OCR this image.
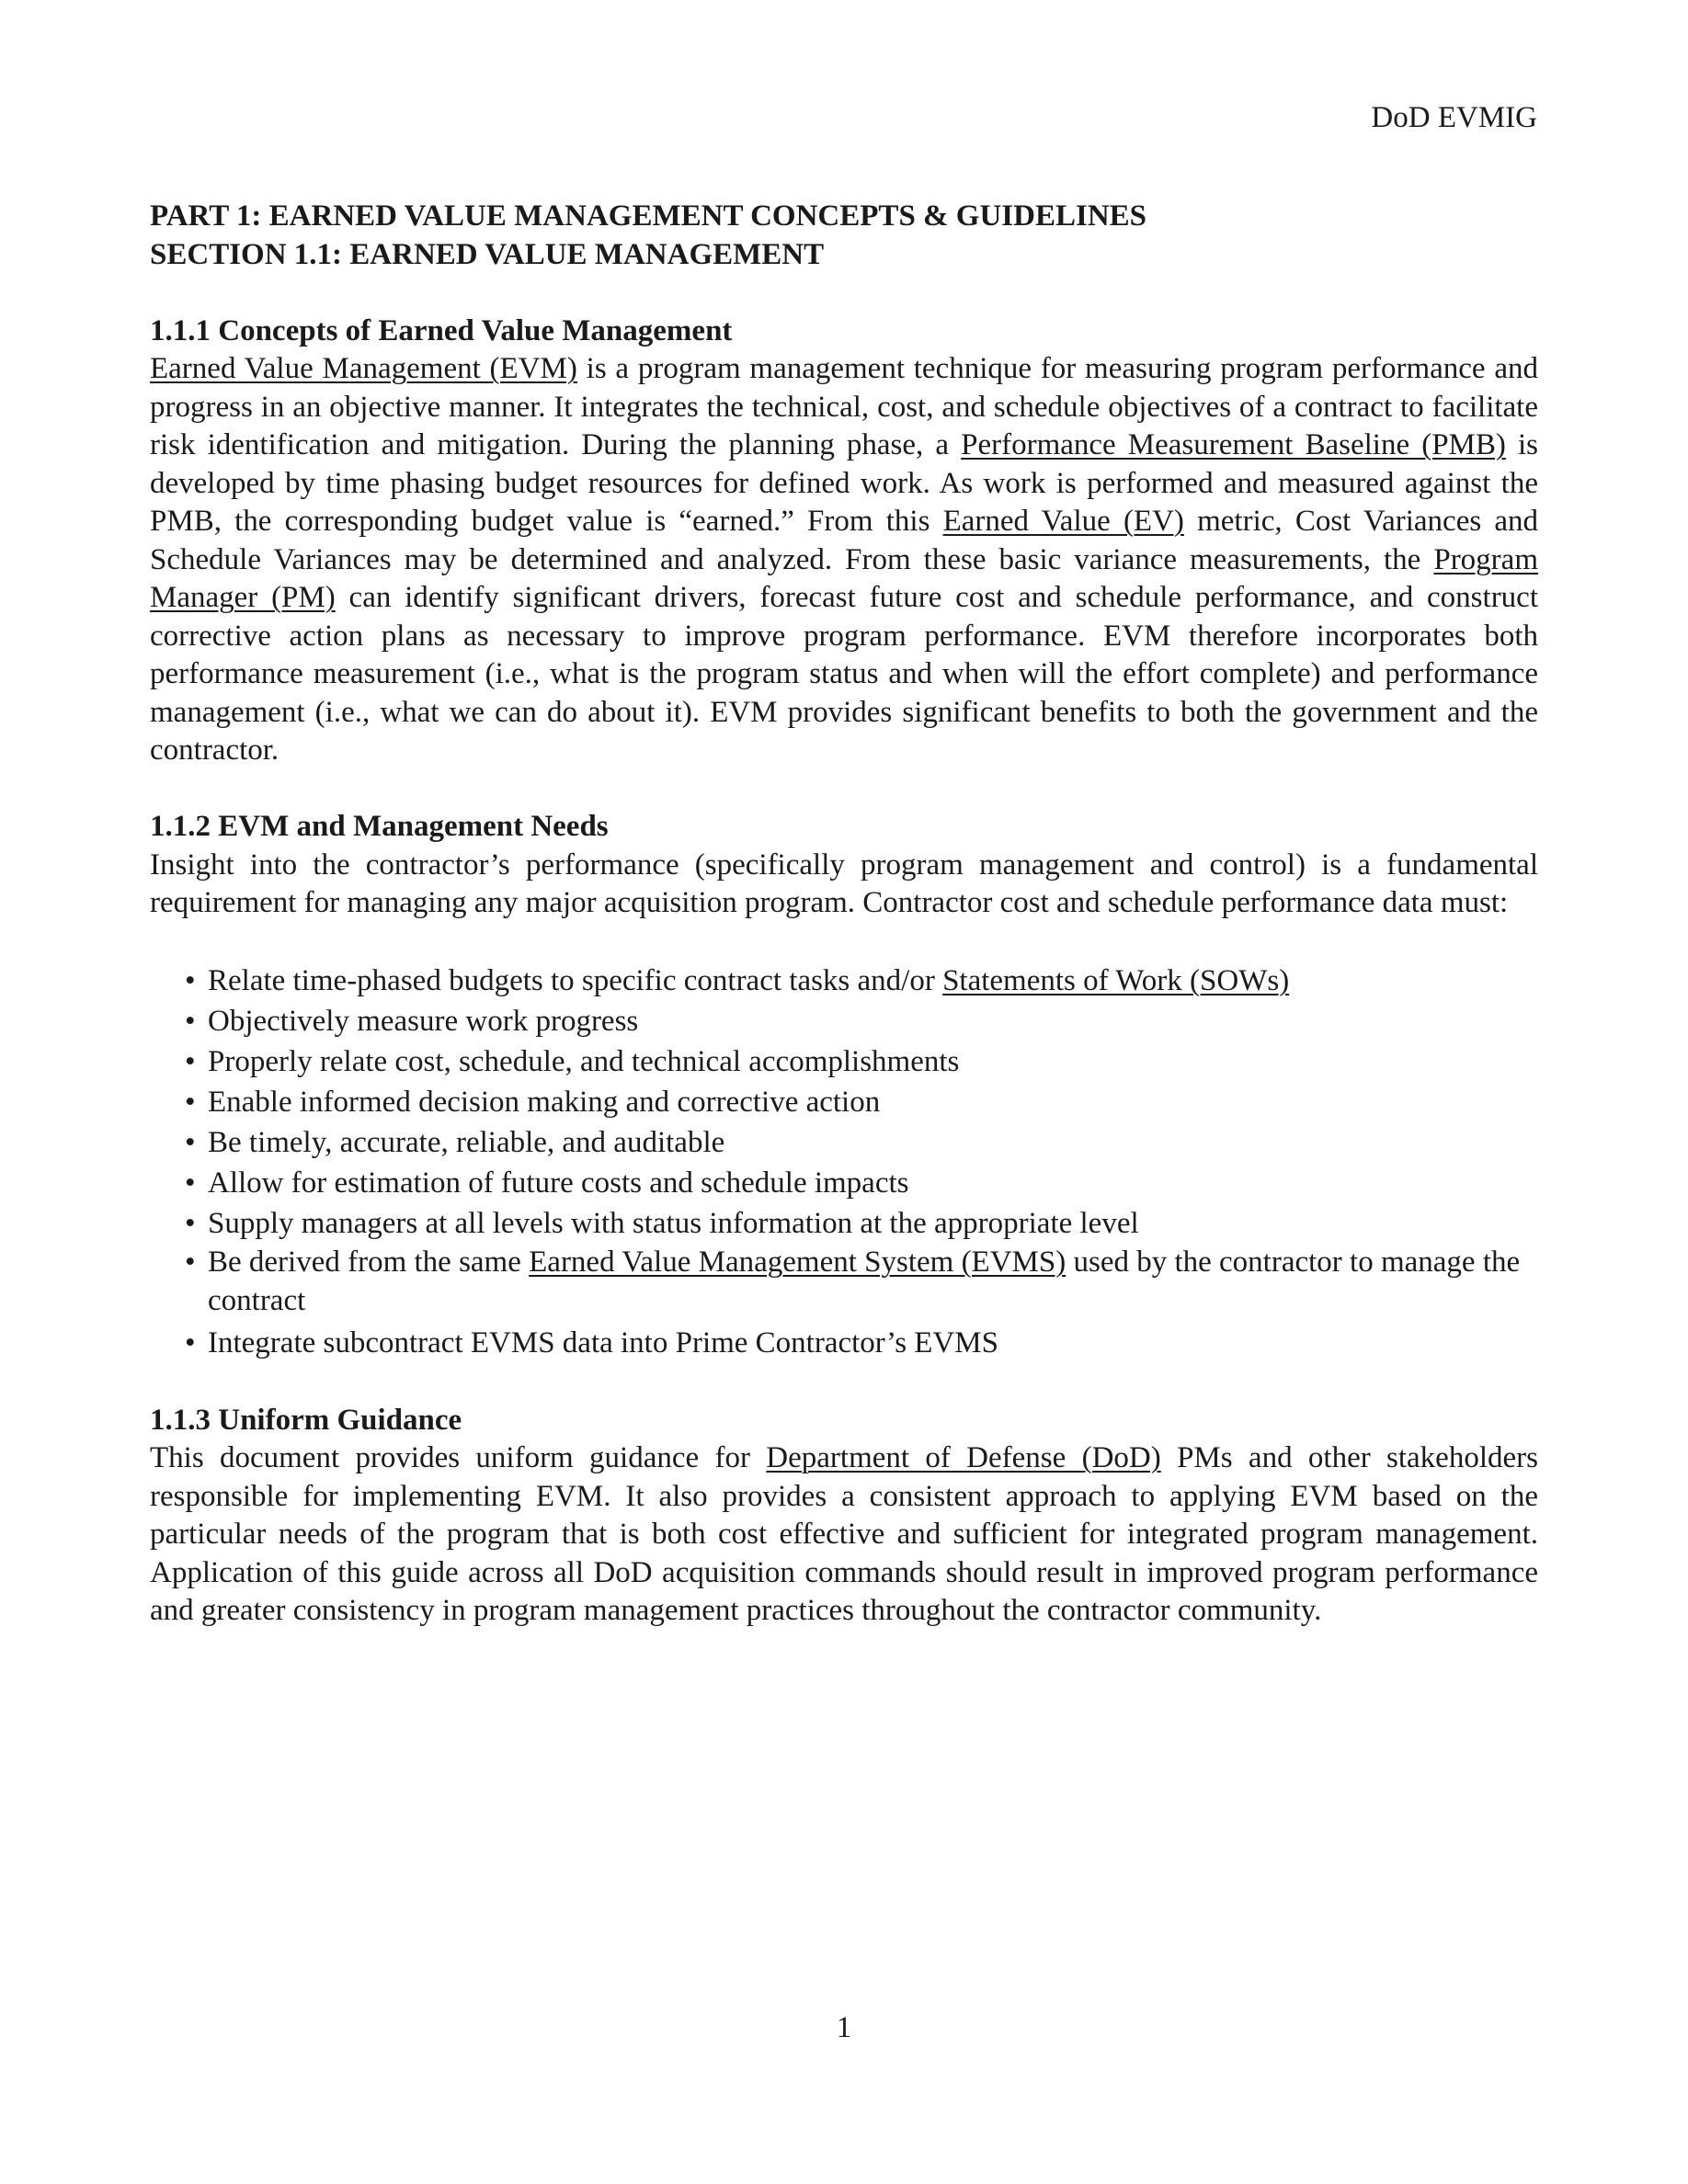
DoD EVMIG
PART 1: EARNED VALUE MANAGEMENT CONCEPTS & GUIDELINES
SECTION 1.1: EARNED VALUE MANAGEMENT
1.1.1 Concepts of Earned Value Management

Earned Value Management (EVM) is a program management technique for measuring program performance and progress in an objective manner. It integrates the technical, cost, and schedule objectives of a contract to facilitate risk identification and mitigation. During the planning phase, a Performance Measurement Baseline (PMB) is developed by time phasing budget resources for defined work. As work is performed and measured against the PMB, the corresponding budget value is “earned.” From this Earned Value (EV) metric, Cost Variances and Schedule Variances may be determined and analyzed. From these basic variance measurements, the Program Manager (PM) can identify significant drivers, forecast future cost and schedule performance, and construct corrective action plans as necessary to improve program performance. EVM therefore incorporates both performance measurement (i.e., what is the program status and when will the effort complete) and performance management (i.e., what we can do about it). EVM provides significant benefits to both the government and the contractor.

1.1.2 EVM and Management Needs

Insight into the contractor’s performance (specifically program management and control) is a fundamental requirement for managing any major acquisition program. Contractor cost and schedule performance data must:

• Relate time-phased budgets to specific contract tasks and/or Statements of Work (SOWs)
• Objectively measure work progress
• Properly relate cost, schedule, and technical accomplishments
• Enable informed decision making and corrective action
• Be timely, accurate, reliable, and auditable
• Allow for estimation of future costs and schedule impacts
• Supply managers at all levels with status information at the appropriate level
• Be derived from the same Earned Value Management System (EVMS) used by the contractor to manage the contract
• Integrate subcontract EVMS data into Prime Contractor’s EVMS
1.1.3 Uniform Guidance

This document provides uniform guidance for Department of Defense (DoD) PMs and other stakeholders responsible for implementing EVM. It also provides a consistent approach to applying EVM based on the particular needs of the program that is both cost effective and sufficient for integrated program management. Application of this guide across all DoD acquisition commands should result in improved program performance and greater consistency in program management practices throughout the contractor community.

1
